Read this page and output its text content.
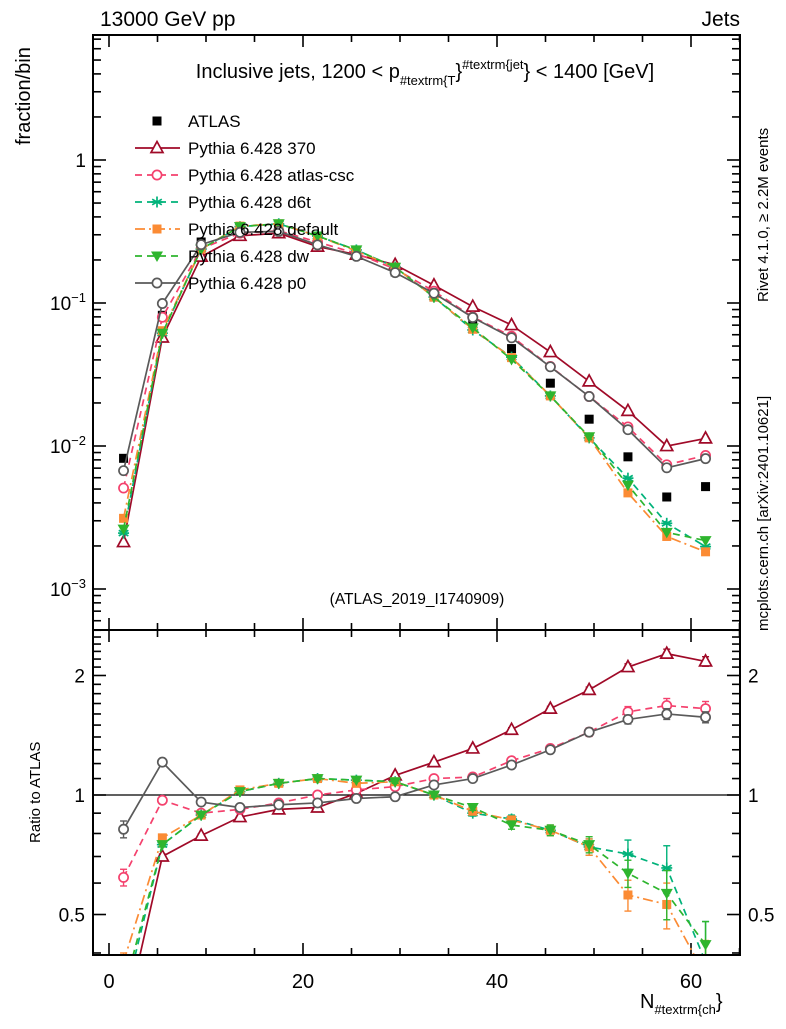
13000 GeV pp	Jets
Rivet 4.1.0, ≥ 2.2M events
mcplots.cern.ch [arXiv:2401.10621]
fraction/bin
Ratio to ATLAS
(ATLAS_2019_I1740909)
1
$10^{-1}$
$10^{-2}$
$10^{-3}$
2	2
1	1
0.5	0.5
0	20	40	60
$N_{\#textrm\{ch}$}
ATLAS
Pythia 6.428 370
Pythia 6.428 atlas-csc
Pythia 6.428 d6t
Pythia 6.428 default
Pythia 6.428 dw
Pythia 6.428 p0
Inclusive jets, $1200 < p_{\#textrm\{T}\}^{\#textrm\{jet}\} < 1400$ [GeV]
